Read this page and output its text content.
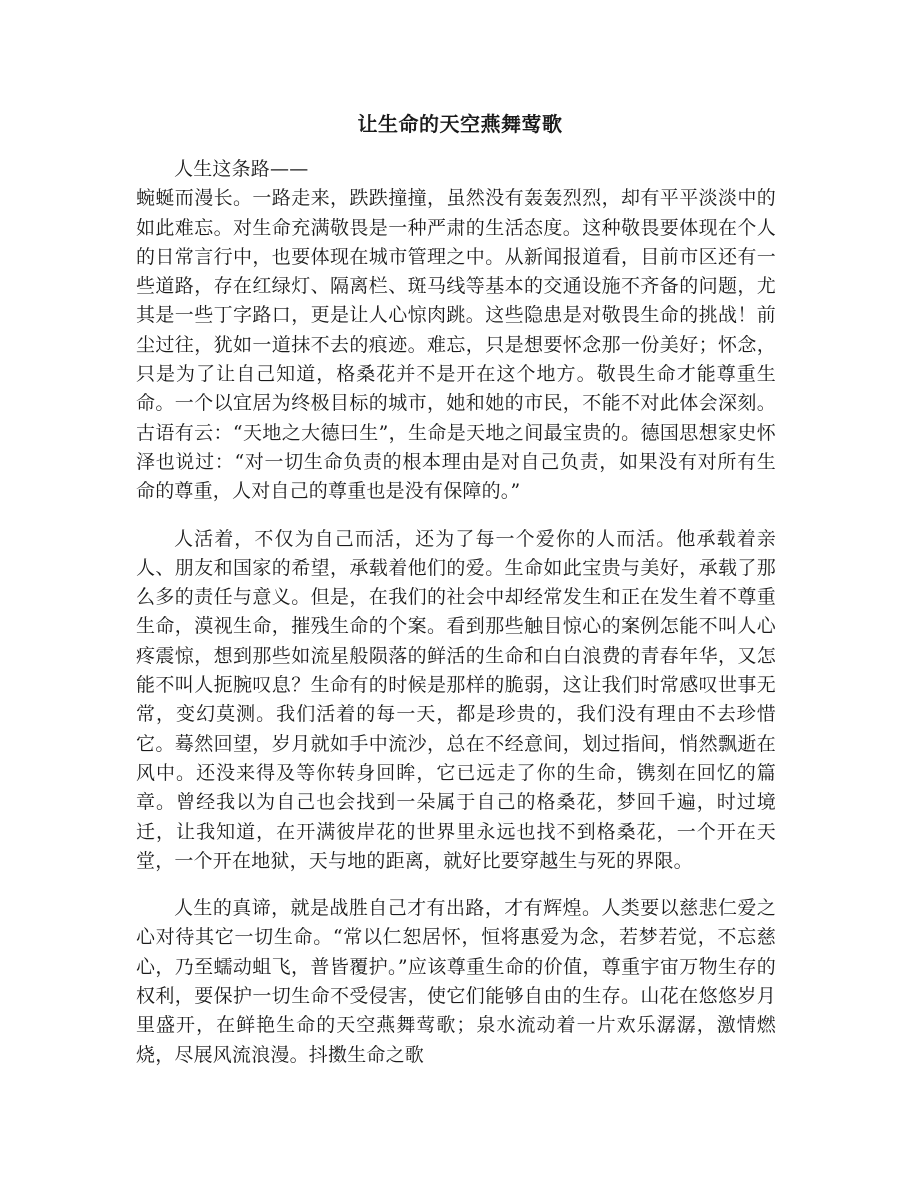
让生命的天空燕舞莺歌

人生这条路——
蜿蜒而漫长。一路走来，跌跌撞撞，虽然没有轰轰烈烈，却有平平淡淡中的如此难忘。对生命充满敬畏是一种严肃的生活态度。这种敬畏要体现在个人的日常言行中，也要体现在城市管理之中。从新闻报道看，目前市区还有一些道路，存在红绿灯、隔离栏、斑马线等基本的交通设施不齐备的问题，尤其是一些丁字路口，更是让人心惊肉跳。这些隐患是对敬畏生命的挑战！前尘过往，犹如一道抹不去的痕迹。难忘，只是想要怀念那一份美好；怀念，只是为了让自己知道，格桑花并不是开在这个地方。敬畏生命才能尊重生命。一个以宜居为终极目标的城市，她和她的市民，不能不对此体会深刻。古语有云：“天地之大德曰生”，生命是天地之间最宝贵的。德国思想家史怀泽也说过：“对一切生命负责的根本理由是对自己负责，如果没有对所有生命的尊重，人对自己的尊重也是没有保障的。”

人活着，不仅为自己而活，还为了每一个爱你的人而活。他承载着亲人、朋友和国家的希望，承载着他们的爱。生命如此宝贵与美好，承载了那么多的责任与意义。但是，在我们的社会中却经常发生和正在发生着不尊重生命，漠视生命，摧残生命的个案。看到那些触目惊心的案例怎能不叫人心疼震惊，想到那些如流星般陨落的鲜活的生命和白白浪费的青春年华，又怎能不叫人扼腕叹息？生命有的时候是那样的脆弱，这让我们时常感叹世事无常，变幻莫测。我们活着的每一天，都是珍贵的，我们没有理由不去珍惜它。蓦然回望，岁月就如手中流沙，总在不经意间，划过指间，悄然飘逝在风中。还没来得及等你转身回眸，它已远走了你的生命，镌刻在回忆的篇章。曾经我以为自己也会找到一朵属于自己的格桑花，梦回千遍，时过境迁，让我知道，在开满彼岸花的世界里永远也找不到格桑花，一个开在天堂，一个开在地狱，天与地的距离，就好比要穿越生与死的界限。

人生的真谛，就是战胜自己才有出路，才有辉煌。人类要以慈悲仁爱之心对待其它一切生命。“常以仁恕居怀，恒将惠爱为念，若梦若觉，不忘慈心，乃至蠕动蛆飞，普皆覆护。”应该尊重生命的价值，尊重宇宙万物生存的权利，要保护一切生命不受侵害，使它们能够自由的生存。山花在悠悠岁月里盛开，在鲜艳生命的天空燕舞莺歌；泉水流动着一片欢乐潺潺，激情燃烧，尽展风流浪漫。抖擞生命之歌
